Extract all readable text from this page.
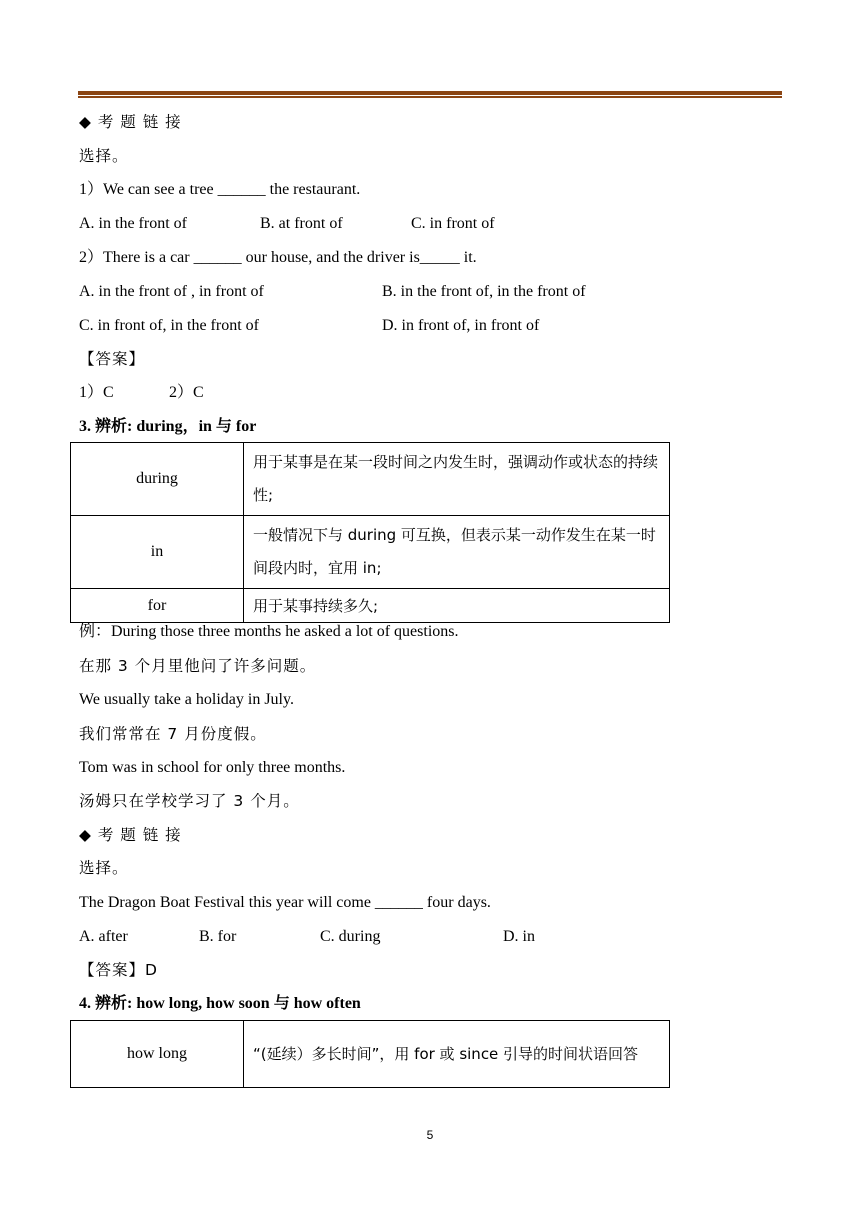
◆ 考 题 链 接
选择。
1）We can see a tree ______ the restaurant.
A. in the front of	B. at front of	C. in front of
2）There is a car ______ our house, and the driver is_____ it.
A. in the front of , in front of	B. in the front of, in the front of
C. in front of, in the front of	D. in front of, in front of
【答案】
1）C	2）C
3. 辨析: during，in 与 for
during	用于某事是在某一段时间之内发生时，强调动作或状态的持续性;
in	一般情况下与 during 可互换，但表示某一动作发生在某一时间段内时，宜用 in;
for	用于某事持续多久;
例：During those three months he asked a lot of questions.
在那 3 个月里他问了许多问题。
We usually take a holiday in July.
我们常常在 7 月份度假。
Tom was in school for only three months.
汤姆只在学校学习了 3 个月。
◆ 考 题 链 接
选择。
The Dragon Boat Festival this year will come ______ four days.
A. after	B. for	C. during	D. in
【答案】D
4. 辨析: how long, how soon 与 how often
how long	“(延续）多长时间”，用 for 或 since 引导的时间状语回答
5
